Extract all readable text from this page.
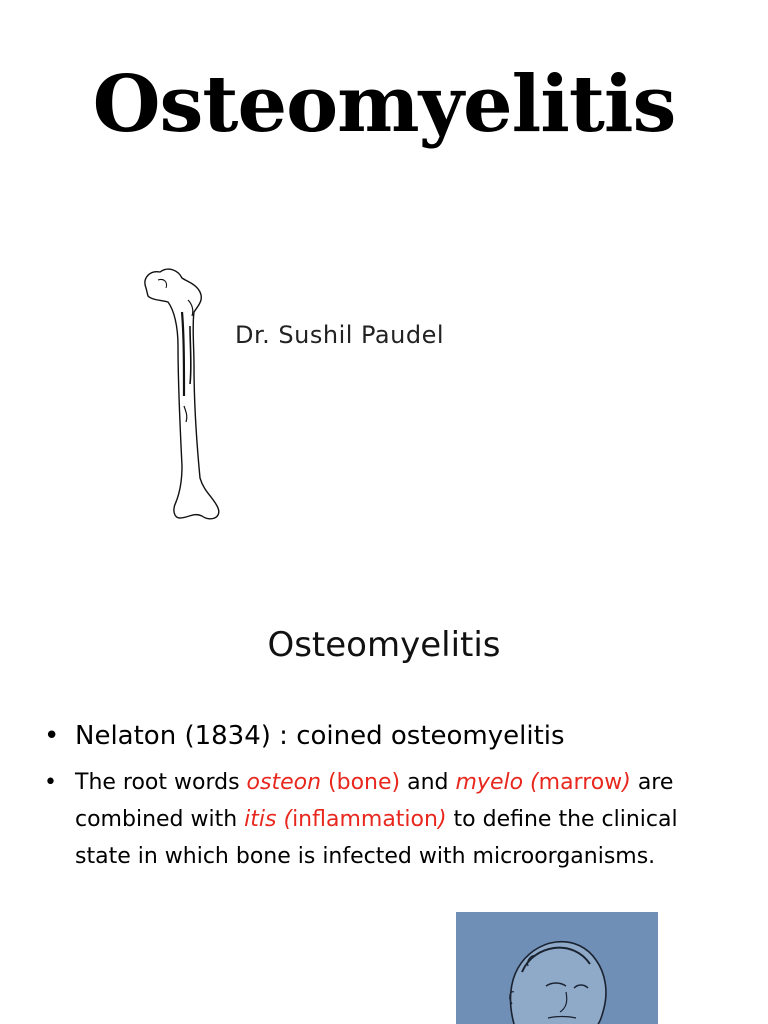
Osteomyelitis
Dr. Sushil Paudel
Osteomyelitis
• Nelaton (1834) : coined osteomyelitis
• The root words osteon (bone) and myelo (marrow) are combined with itis (inflammation) to define the clinical state in which bone is infected with microorganisms.
